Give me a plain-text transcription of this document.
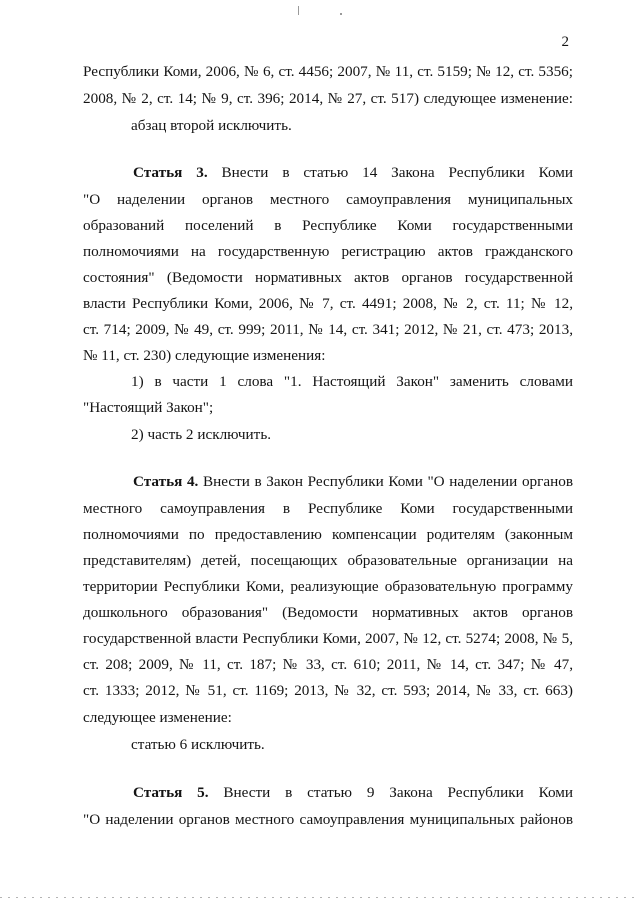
2
Республики Коми, 2006, № 6, ст. 4456; 2007, № 11, ст. 5159; № 12, ст. 5356;
2008, № 2, ст. 14; № 9, ст. 396; 2014, № 27, ст. 517) следующее изменение:
абзац второй исключить.
Статья 3. Внести в статью 14 Закона Республики Коми
"О наделении органов местного самоуправления муниципальных
образований поселений в Республике Коми государственными
полномочиями на государственную регистрацию актов гражданского
состояния" (Ведомости нормативных актов органов государственной
власти Республики Коми, 2006, № 7, ст. 4491; 2008, № 2, ст. 11; № 12,
ст. 714; 2009, № 49, ст. 999; 2011, № 14, ст. 341; 2012, № 21, ст. 473; 2013,
№ 11, ст. 230) следующие изменения:
1) в части 1 слова "1. Настоящий Закон" заменить словами
"Настоящий Закон";
2) часть 2 исключить.
Статья 4. Внести в Закон Республики Коми "О наделении органов
местного самоуправления в Республике Коми государственными
полномочиями по предоставлению компенсации родителям (законным
представителям) детей, посещающих образовательные организации на
территории Республики Коми, реализующие образовательную программу
дошкольного образования" (Ведомости нормативных актов органов
государственной власти Республики Коми, 2007, № 12, ст. 5274; 2008, № 5,
ст. 208; 2009, № 11, ст. 187; № 33, ст. 610; 2011, № 14, ст. 347; № 47,
ст. 1333; 2012, № 51, ст. 1169; 2013, № 32, ст. 593; 2014, № 33, ст. 663)
следующее изменение:
статью 6 исключить.
Статья 5. Внести в статью 9 Закона Республики Коми
"О наделении органов местного самоуправления муниципальных районов
